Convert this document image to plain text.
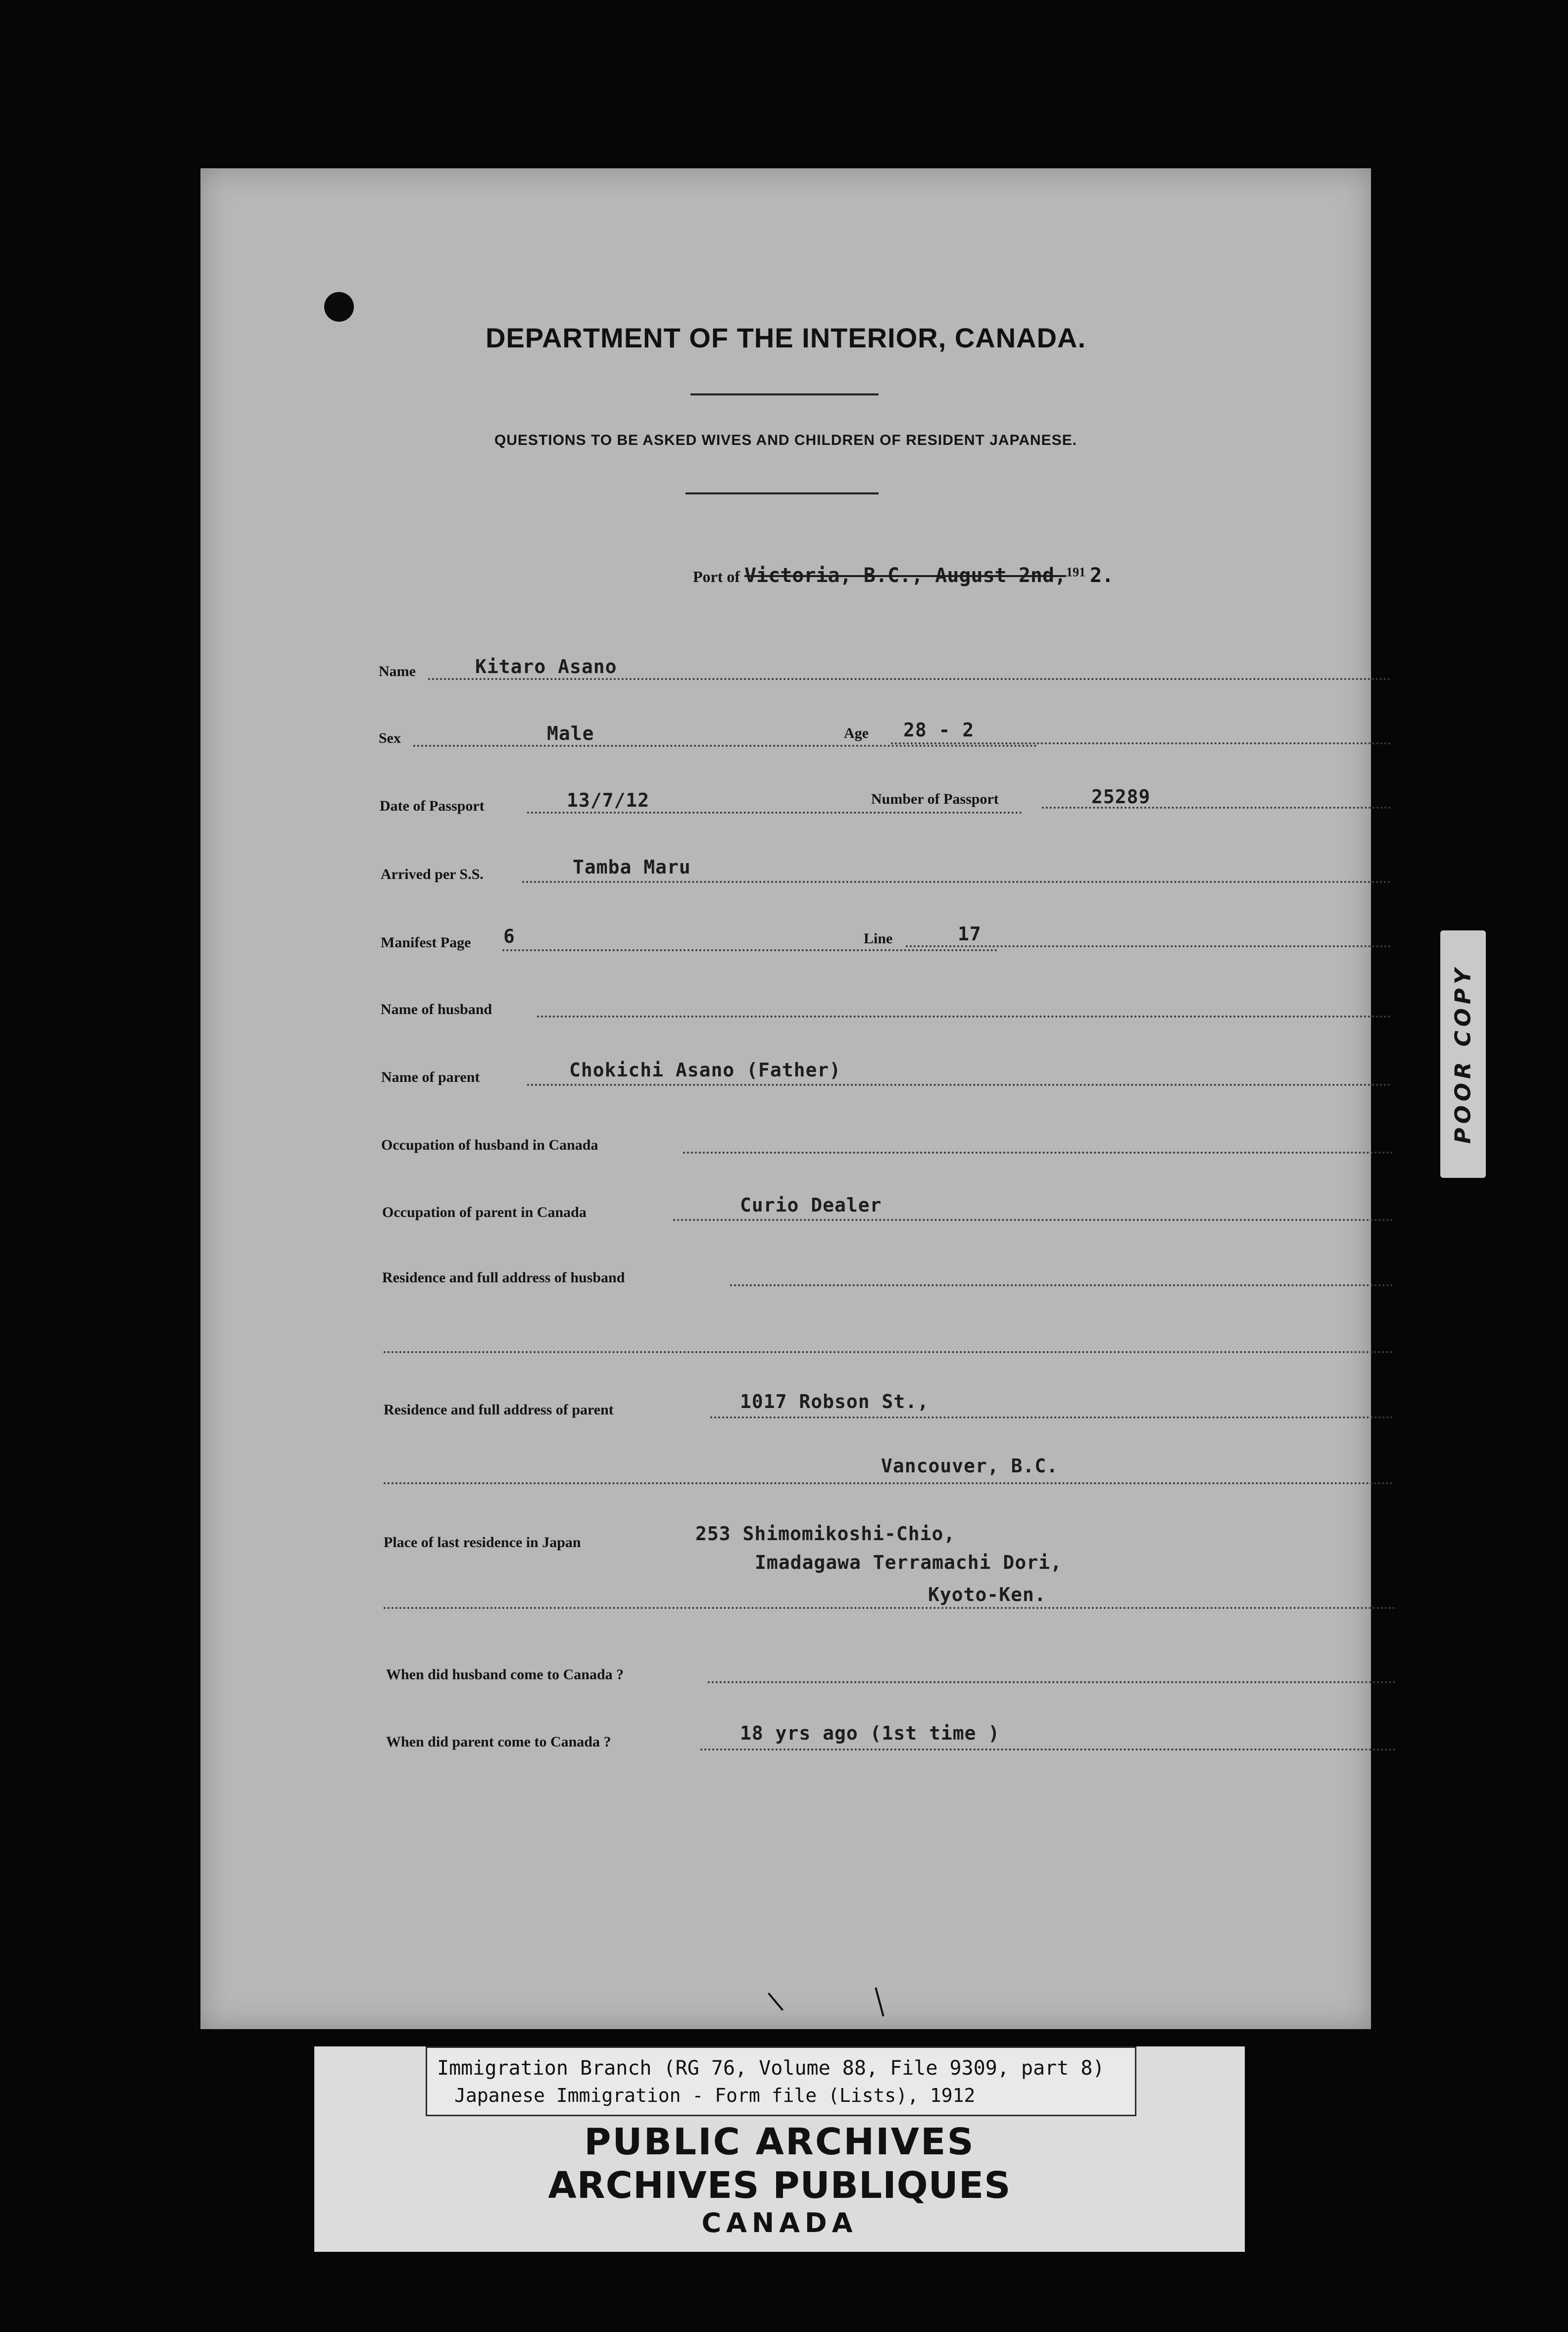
DEPARTMENT OF THE INTERIOR, CANADA.
QUESTIONS TO BE ASKED WIVES AND CHILDREN OF RESIDENT JAPANESE.
Port of Victoria, B.C., August 2nd,$^{191}$ 2.
Name	Kitaro Asano
Sex	Male	Age 28 - 2
Date of Passport	13/7/12	Number of Passport	25289
Arrived per S.S.	Tamba Maru
Manifest Page 6	Line	17
Name of husband
Name of parent	Chokichi Asano (Father)
Occupation of husband in Canada
Occupation of parent in Canada	Curio Dealer
Residence and full address of husband
Residence and full address of parent	1017 Robson St.,
Vancouver, B.C.
Place of last residence in Japan	253 Shimomikoshi-Chio,
Imadagawa Terramachi Dori,
Kyoto-Ken.
When did husband come to Canada ?
When did parent come to Canada ?	18 yrs ago (1st time )
POOR COPY
Immigration Branch (RG 76, Volume 88, File 9309, part 8)
Japanese Immigration - Form file (Lists), 1912
PUBLIC ARCHIVES
ARCHIVES PUBLIQUES
CANADA
